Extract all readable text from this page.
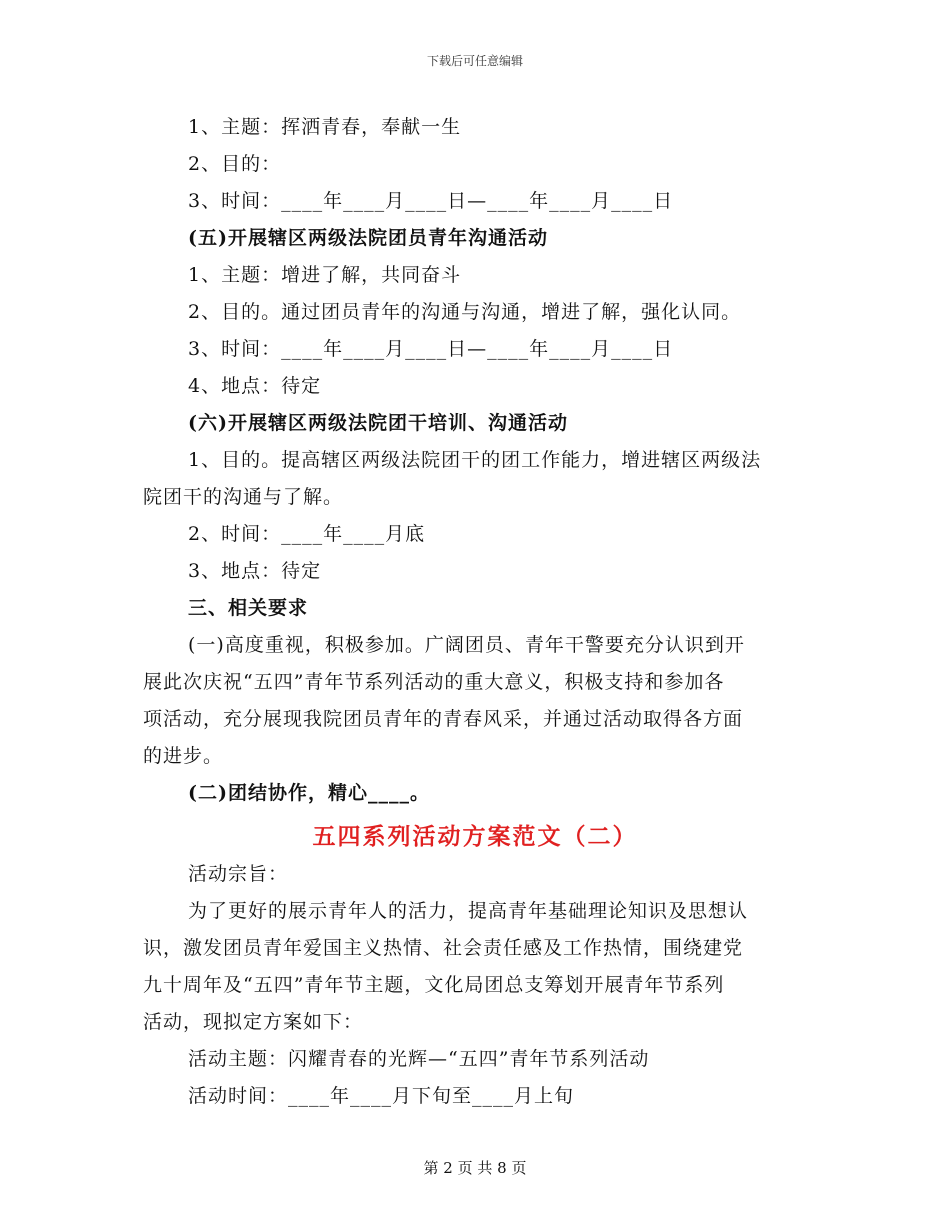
下载后可任意编辑
1、主题：挥洒青春，奉献一生
2、目的：
3、时间：____年____月____日—____年____月____日
(五)开展辖区两级法院团员青年沟通活动
1、主题：增进了解，共同奋斗
2、目的。通过团员青年的沟通与沟通，增进了解，强化认同。
3、时间：____年____月____日—____年____月____日
4、地点：待定
(六)开展辖区两级法院团干培训、沟通活动
1、目的。提高辖区两级法院团干的团工作能力，增进辖区两级法
院团干的沟通与了解。
2、时间：____年____月底
3、地点：待定
三、相关要求
(一)高度重视，积极参加。广阔团员、青年干警要充分认识到开
展此次庆祝“五四”青年节系列活动的重大意义，积极支持和参加各
项活动，充分展现我院团员青年的青春风采，并通过活动取得各方面
的进步。
(二)团结协作，精心____。
五四系列活动方案范文（二）
活动宗旨：
为了更好的展示青年人的活力，提高青年基础理论知识及思想认
识，激发团员青年爱国主义热情、社会责任感及工作热情，围绕建党
九十周年及“五四”青年节主题，文化局团总支筹划开展青年节系列
活动，现拟定方案如下：
活动主题：闪耀青春的光辉—“五四”青年节系列活动
活动时间：____年____月下旬至____月上旬
第 2 页 共 8 页
